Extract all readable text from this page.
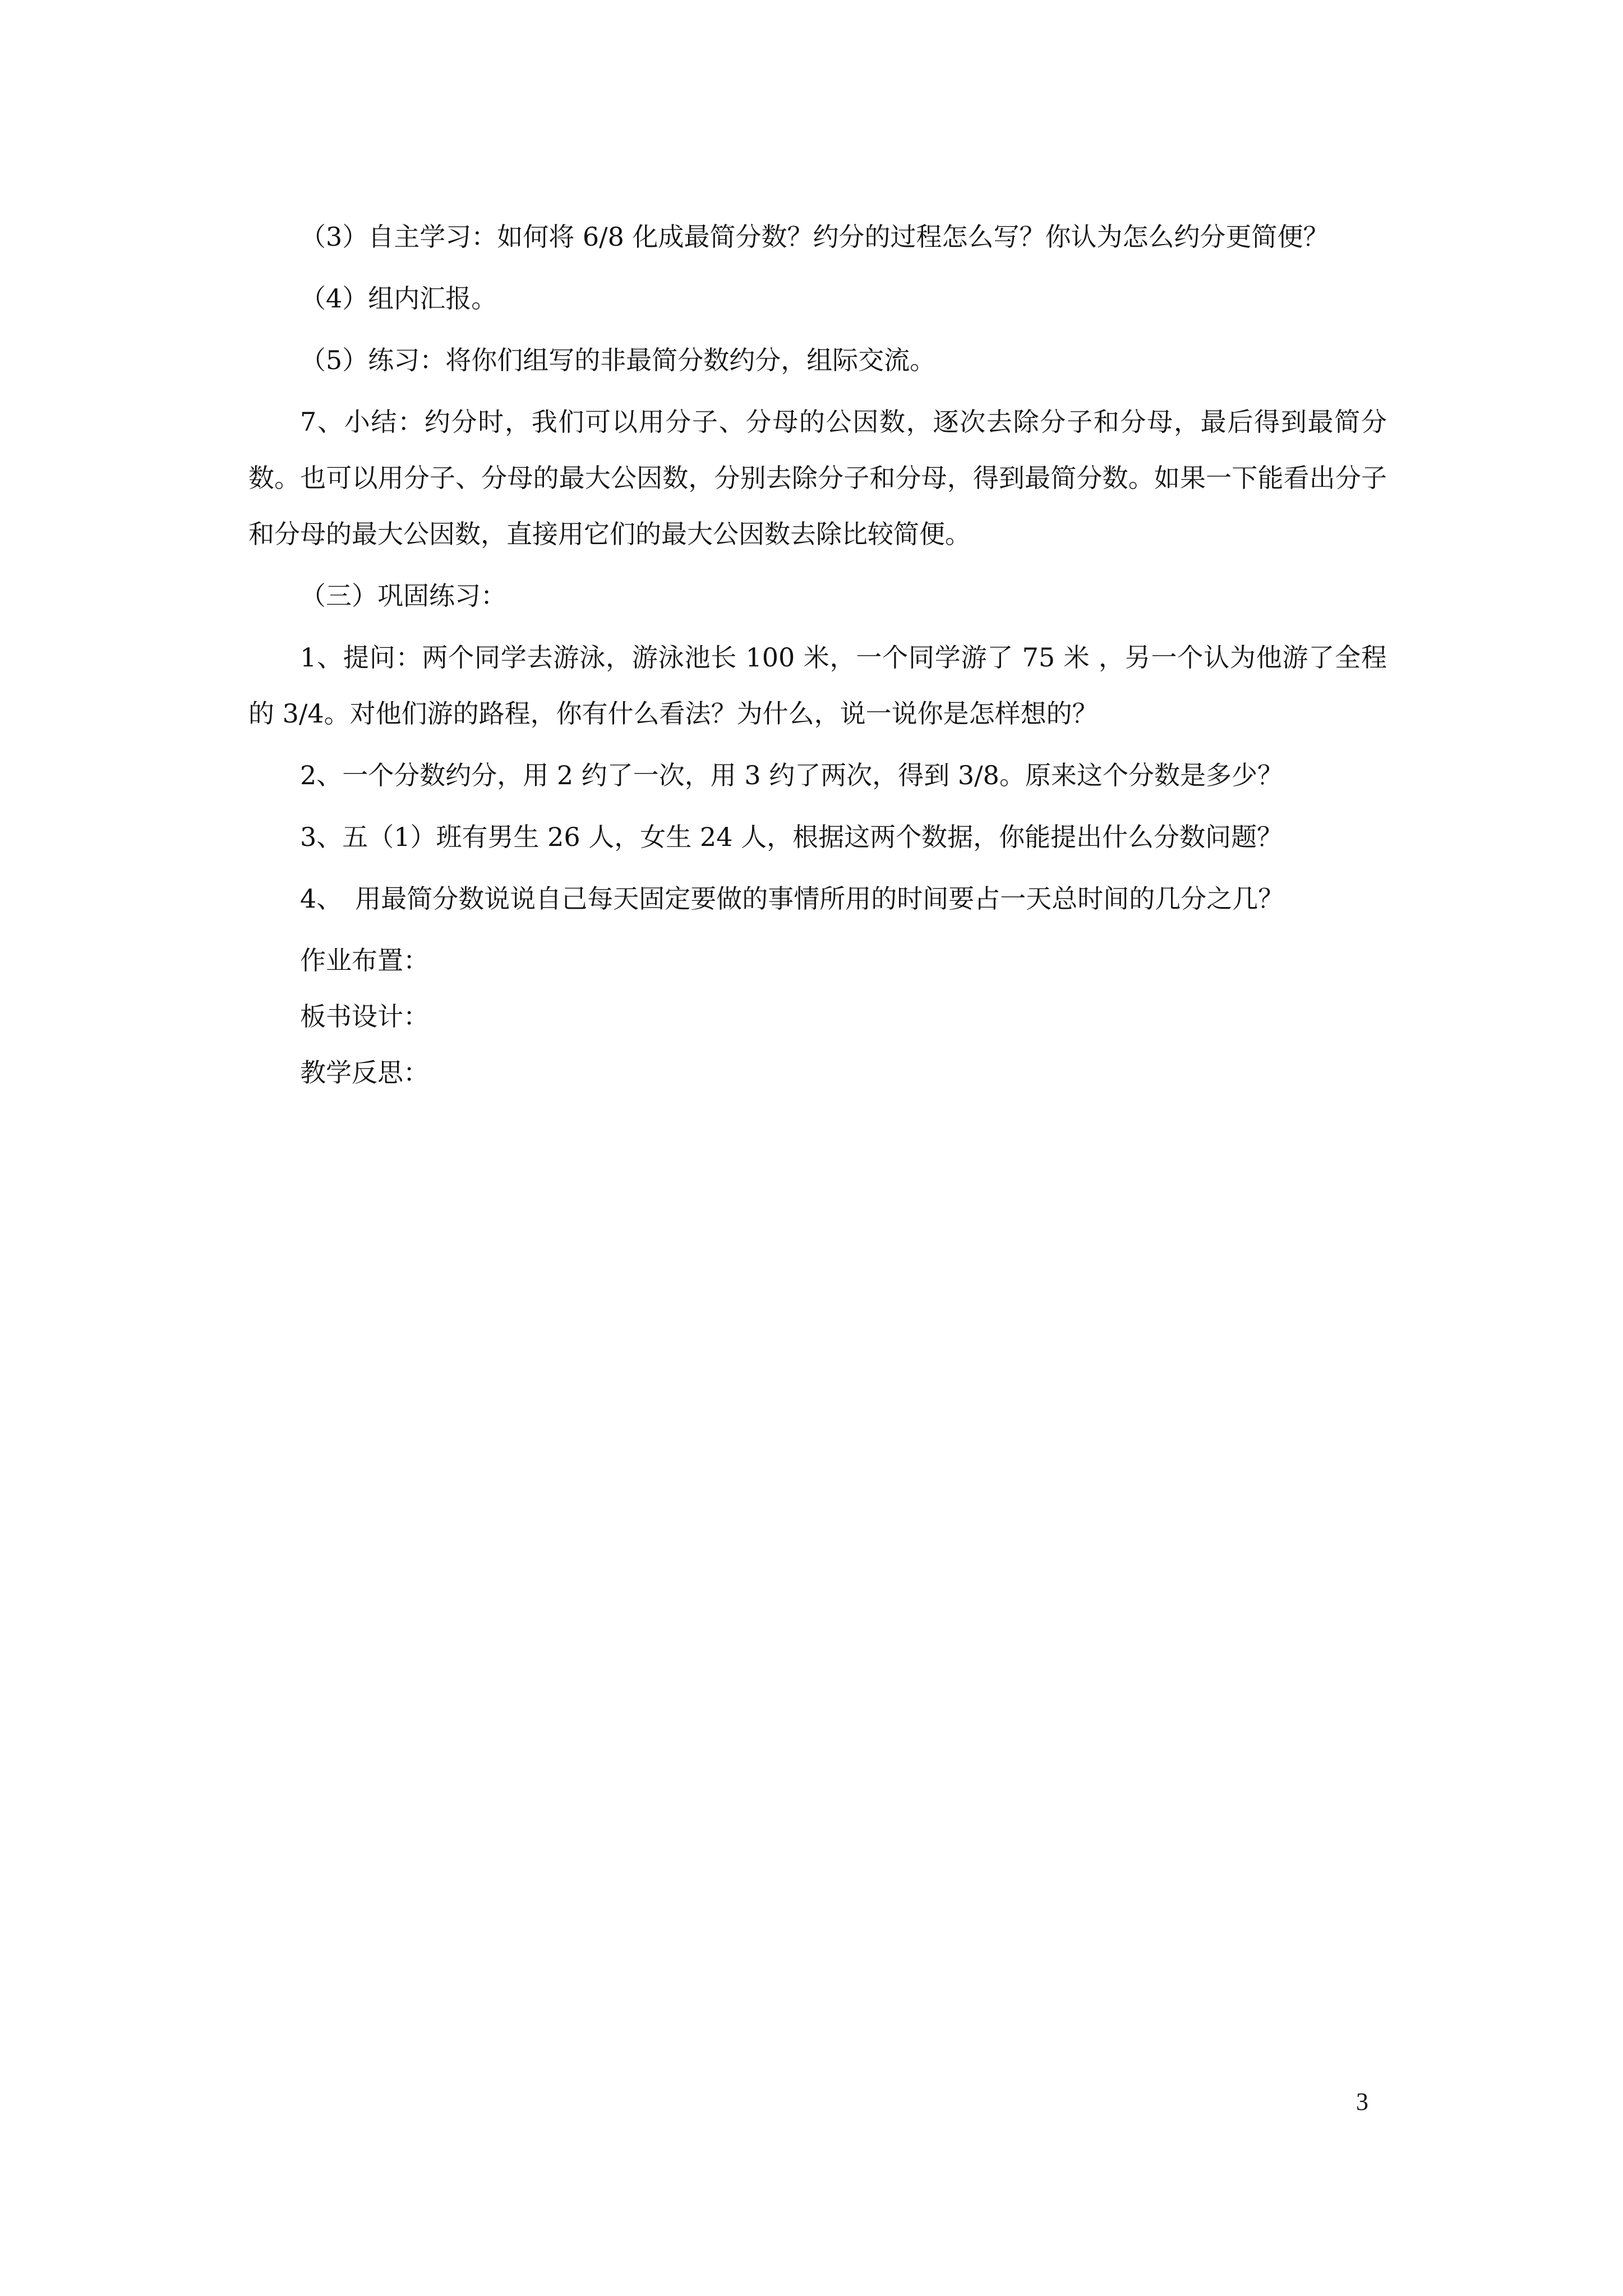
（3）自主学习：如何将 6/8 化成最简分数？约分的过程怎么写？你认为怎么约分更简便？

（4）组内汇报。

（5）练习：将你们组写的非最简分数约分，组际交流。

7、小结：约分时，我们可以用分子、分母的公因数，逐次去除分子和分母，最后得到最简分数。也可以用分子、分母的最大公因数，分别去除分子和分母，得到最简分数。如果一下能看出分子和分母的最大公因数，直接用它们的最大公因数去除比较简便。

（三）巩固练习：

1、提问：两个同学去游泳，游泳池长 100 米，一个同学游了 75 米 ，另一个认为他游了全程的 3/4。对他们游的路程，你有什么看法？为什么，说一说你是怎样想的？

2、一个分数约分，用 2 约了一次，用 3 约了两次，得到 3/8。原来这个分数是多少？

3、五（1）班有男生 26 人，女生 24 人，根据这两个数据，你能提出什么分数问题？

4、　用最简分数说说自己每天固定要做的事情所用的时间要占一天总时间的几分之几？

作业布置：

板书设计：

教学反思：

3
